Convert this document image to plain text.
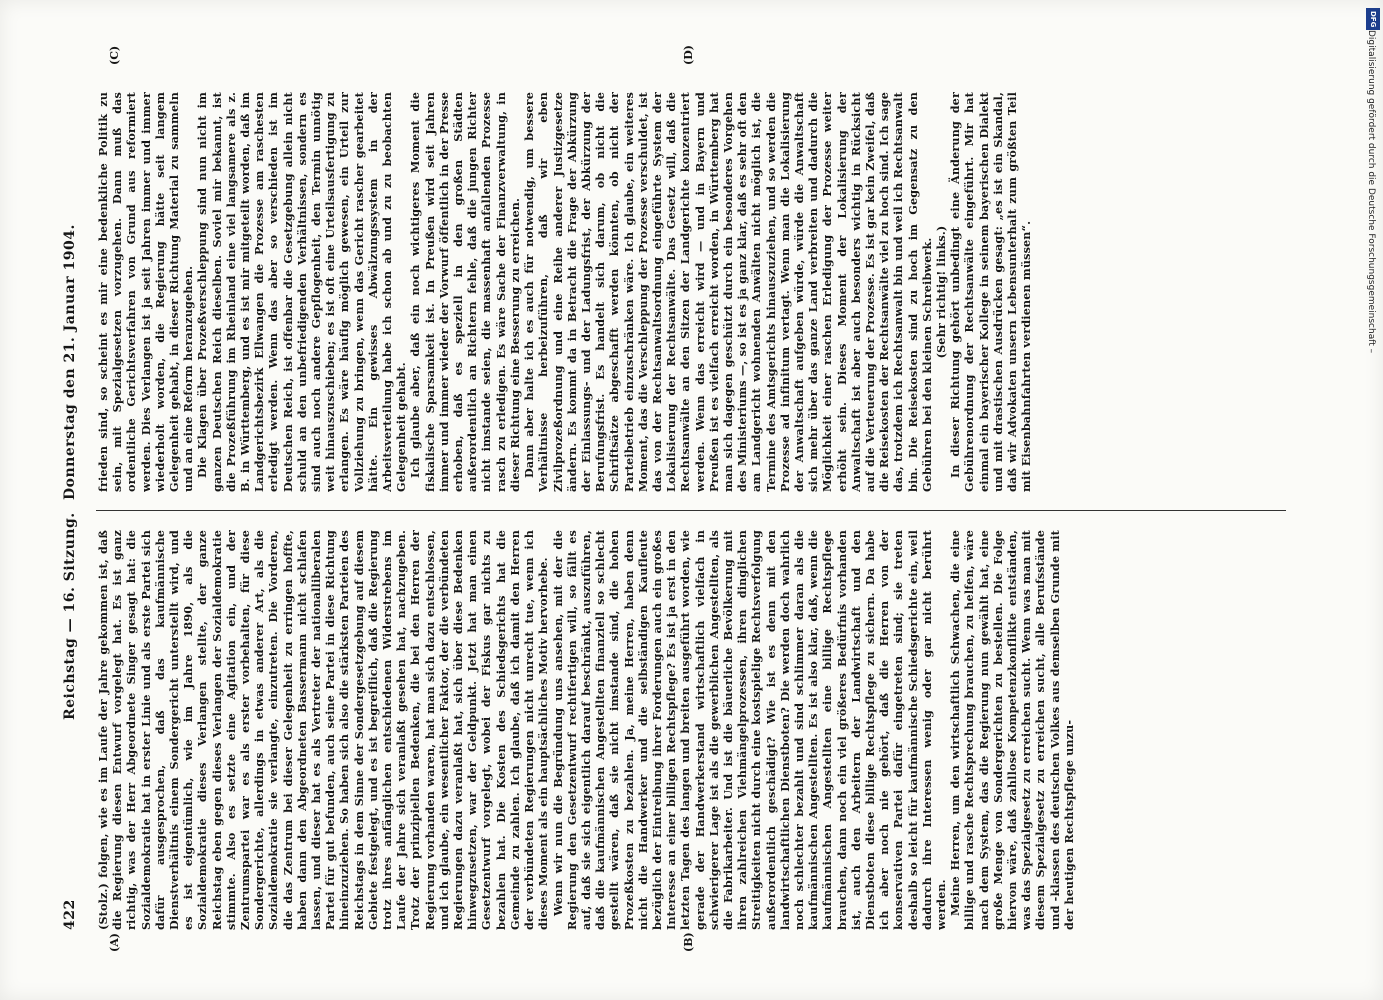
422
Reichstag — 16. Sitzung.
Donnerstag den 21. Januar 1904.
(A)	(B)
(C)	(D)

(Stolz.) folgen, wie es im Laufe der Jahre gekommen ist, daß die Regierung diesen Entwurf vorgelegt hat. Es ist ganz richtig, was der Herr Abgeordnete Singer gesagt hat: die Sozialdemokratie hat in erster Linie und als erste Partei sich dafür ausgesprochen, daß das kaufmännische Dienstverhältnis einem Sondergericht unterstellt wird, und es ist eigentümlich, wie im Jahre 1890, als die Sozialdemokratie dieses Verlangen stellte, der ganze Reichstag eben gegen dieses Verlangen der Sozialdemokratie stimmte. Also es setzte eine Agitation ein, und der Zentrumspartei war es als erster vorbehalten, für diese Sondergerichte, allerdings in etwas anderer Art, als die Sozialdemokratie sie verlangte, einzutreten. Die Vorderen, die das Zentrum bei dieser Gelegenheit zu erringen hoffte, haben dann den Abgeordneten Bassermann nicht schlafen lassen, und dieser hat es als Vertreter der nationalliberalen Partei für gut befunden, auch seine Partei in diese Richtung hineinzuziehen. So haben sich also die stärksten Parteien des Reichstags in dem Sinne der Sondergesetzgebung auf diesem Gebiete festgelegt, und es ist begreiflich, daß die Regierung trotz ihres anfänglichen entschiedenen Widerstrebens im Laufe der Jahre sich veranlaßt gesehen hat, nachzugeben. Trotz der prinzipiellen Bedenken, die bei den Herren der Regierung vorhanden waren, hat man sich dazu entschlossen, und ich glaube, ein wesentlicher Faktor, der die verbündeten Regierungen dazu veranlaßt hat, sich über diese Bedenken hinwegzusetzen, war der Geldpunkt. Jetzt hat man einen Gesetzentwurf vorgelegt, wobei der Fiskus gar nichts zu bezahlen hat. Die Kosten des Schiedsgerichts hat die Gemeinde zu zahlen. Ich glaube, daß ich damit den Herren der verbündeten Regierungen nicht unrecht tue, wenn ich dieses Moment als ein hauptsächliches Motiv hervorhebe. Wenn wir nun die Begründung uns ansehen, mit der die Regierung den Gesetzentwurf rechtfertigen will, so fällt es auf, daß sie sich eigentlich darauf beschränkt, auszuführen, daß die kaufmännischen Angestellten finanziell so schlecht gestellt wären, daß sie nicht imstande sind, die hohen Prozeßkosten zu bezahlen. Ja, meine Herren, haben denn nicht die Handwerker und die selbständigen Kaufleute bezüglich der Eintreibung ihrer Forderungen auch ein großes Interesse an einer billigen Rechtspflege? Es ist ja erst in den letzten Tagen des langen und breiten ausgeführt worden, wie gerade der Handwerkerstand wirtschaftlich vielfach in schwierigerer Lage ist als die gewerblichen Angestellten, als die Fabrikarbeiter. Und ist die bäuerliche Bevölkerung mit ihren zahlreichen Viehmängelprozessen, ihren dinglichen Streitigkeiten nicht durch eine kostspielige Rechtsverfolgung außerordentlich geschädigt? Wie ist es denn mit den landwirtschaftlichen Dienstboten? Die werden doch wahrlich noch schlechter bezahlt und sind schlimmer daran als die kaufmännischen Angestellten. Es ist also klar, daß, wenn die kaufmännischen Angestellten eine billige Rechtspflege brauchen, dann noch ein viel größeres Bedürfnis vorhanden ist, auch den Arbeitern der Landwirtschaft und den Dienstboten diese billige Rechtspflege zu sichern. Da habe ich aber noch nie gehört, daß die Herren von der konservativen Partei dafür eingetreten sind; sie treten deshalb so leicht für kaufmännische Schiedsgerichte ein, weil dadurch ihre Interessen wenig oder gar nicht berührt werden. Meine Herren, um den wirtschaftlich Schwachen, die eine billige und rasche Rechtsprechung brauchen, zu helfen, wäre nach dem System, das die Regierung nun gewählt hat, eine große Menge von Sondergerichten zu bestellen. Die Folge hiervon wäre, daß zahllose Kompetenzkonflikte entständen, was das Spezialgesetz zu erreichen sucht. Wenn was man mit diesem Spezialgesetz zu erreichen sucht, alle Berufsstände und -klassen des deutschen Volkes aus demselben Grunde mit der heutigen Rechtspflege unzu-

frieden sind, so scheint es mir eine bedenkliche Politik zu sein, mit Spezialgesetzen vorzugehen. Dann muß das ordentliche Gerichtsverfahren von Grund aus reformiert werden. Dies Verlangen ist ja seit Jahren immer und immer wiederholt worden, die Regierung hätte seit langem Gelegenheit gehabt, in dieser Richtung Material zu sammeln und an eine Reform heranzugehen. Die Klagen über Prozeßverschleppung sind nun nicht im ganzen Deutschen Reich dieselben. Soviel mir bekannt, ist die Prozeßführung im Rheinland eine viel langsamere als z. B. in Württemberg, und es ist mir mitgeteilt worden, daß im Landgerichtsbezirk Ellwangen die Prozesse am raschesten erledigt werden. Wenn das aber so verschieden ist im Deutschen Reich, ist offenbar die Gesetzgebung allein nicht schuld an den unbefriedigenden Verhältnissen, sondern es sind auch noch andere Gepflogenheit, den Termin unnötig weit hinauszuschieben; es ist oft eine Urteilsausfertigung zu erlangen. Es wäre häufig möglich gewesen, ein Urteil zur Vollziehung zu bringen, wenn das Gericht rascher gearbeitet hätte. Ein gewisses Abwälzungssystem in der Arbeitsverteilung habe ich schon ab und zu zu beobachten Gelegenheit gehabt. Ich glaube aber, daß ein noch wichtigeres Moment die fiskalische Sparsamkeit ist. In Preußen wird seit Jahren immer und immer wieder der Vorwurf öffentlich in der Presse erhoben, daß es speziell in den großen Städten außerordentlich an Richtern fehle, daß die jungen Richter nicht imstande seien, die massenhaft anfallenden Prozesse rasch zu erledigen. Es wäre Sache der Finanzverwaltung, in dieser Richtung eine Besserung zu erreichen. Dann aber halte ich es auch für notwendig, um bessere Verhältnisse herbeizuführen, daß wir eben Zivilprozeßordnung und eine Reihe anderer Justizgesetze ändern. Es kommt da in Betracht die Frage der Abkürzung der Einlassungs- und der Ladungsfrist, der Abkürzung der Berufungsfrist. Es handelt sich darum, ob nicht die Schriftsätze abgeschafft werden könnten, ob nicht der Parteibetrieb einzuschränken wäre. Ich glaube, ein weiteres Moment, das die Verschleppung der Prozesse verschuldet, ist das von der Rechtsanwaltsordnung eingeführte System der Lokalisierung der Rechtsanwälte. Das Gesetz will, daß die Rechtsanwälte an den Sitzen der Landgerichte konzentriert werden. Wenn das erreicht wird — und in Bayern und Preußen ist es vielfach erreicht worden, in Württemberg hat man sich dagegen geschützt durch ein besonderes Vorgehen des Ministeriums —, so ist es ja ganz klar, daß es sehr oft den am Landgericht wohnenden Anwälten nicht möglich ist, die Termine des Amtsgerichts hinauszuziehen, und so werden die Prozesse ad infinitum vertagt. Wenn man die Lokalisierung der Anwaltschaft aufgeben würde, würde die Anwaltschaft sich mehr über das ganze Land verbreiten und dadurch die Möglichkeit einer raschen Erledigung der Prozesse weiter erhöht sein. Dieses Moment der Lokalisierung der Anwaltschaft ist aber auch besonders wichtig in Rücksicht auf die Verteuerung der Prozesse. Es ist gar kein Zweifel, daß die Reisekosten der Rechtsanwälte viel zu hoch sind. Ich sage das, trotzdem ich Rechtsanwalt bin und weil ich Rechtsanwalt bin. Die Reisekosten sind zu hoch im Gegensatz zu den Gebühren bei den kleinen Schreibwerk. (Sehr richtig! links.) In dieser Richtung gehört unbedingt eine Änderung der Gebührenordnung der Rechtsanwälte eingeführt. Mir hat einmal ein bayerischer Kollege in seinem bayerischen Dialekt und mit drastischen Ausdrücken gesagt: „es ist ein Skandal, daß wir Advokaten unsern Lebensunterhalt zum größten Teil mit Eisenbahnfahrten verdienen müssen“.

DFG
Digitalisierung gefördert durch die Deutsche Forschungsgemeinschaft –
